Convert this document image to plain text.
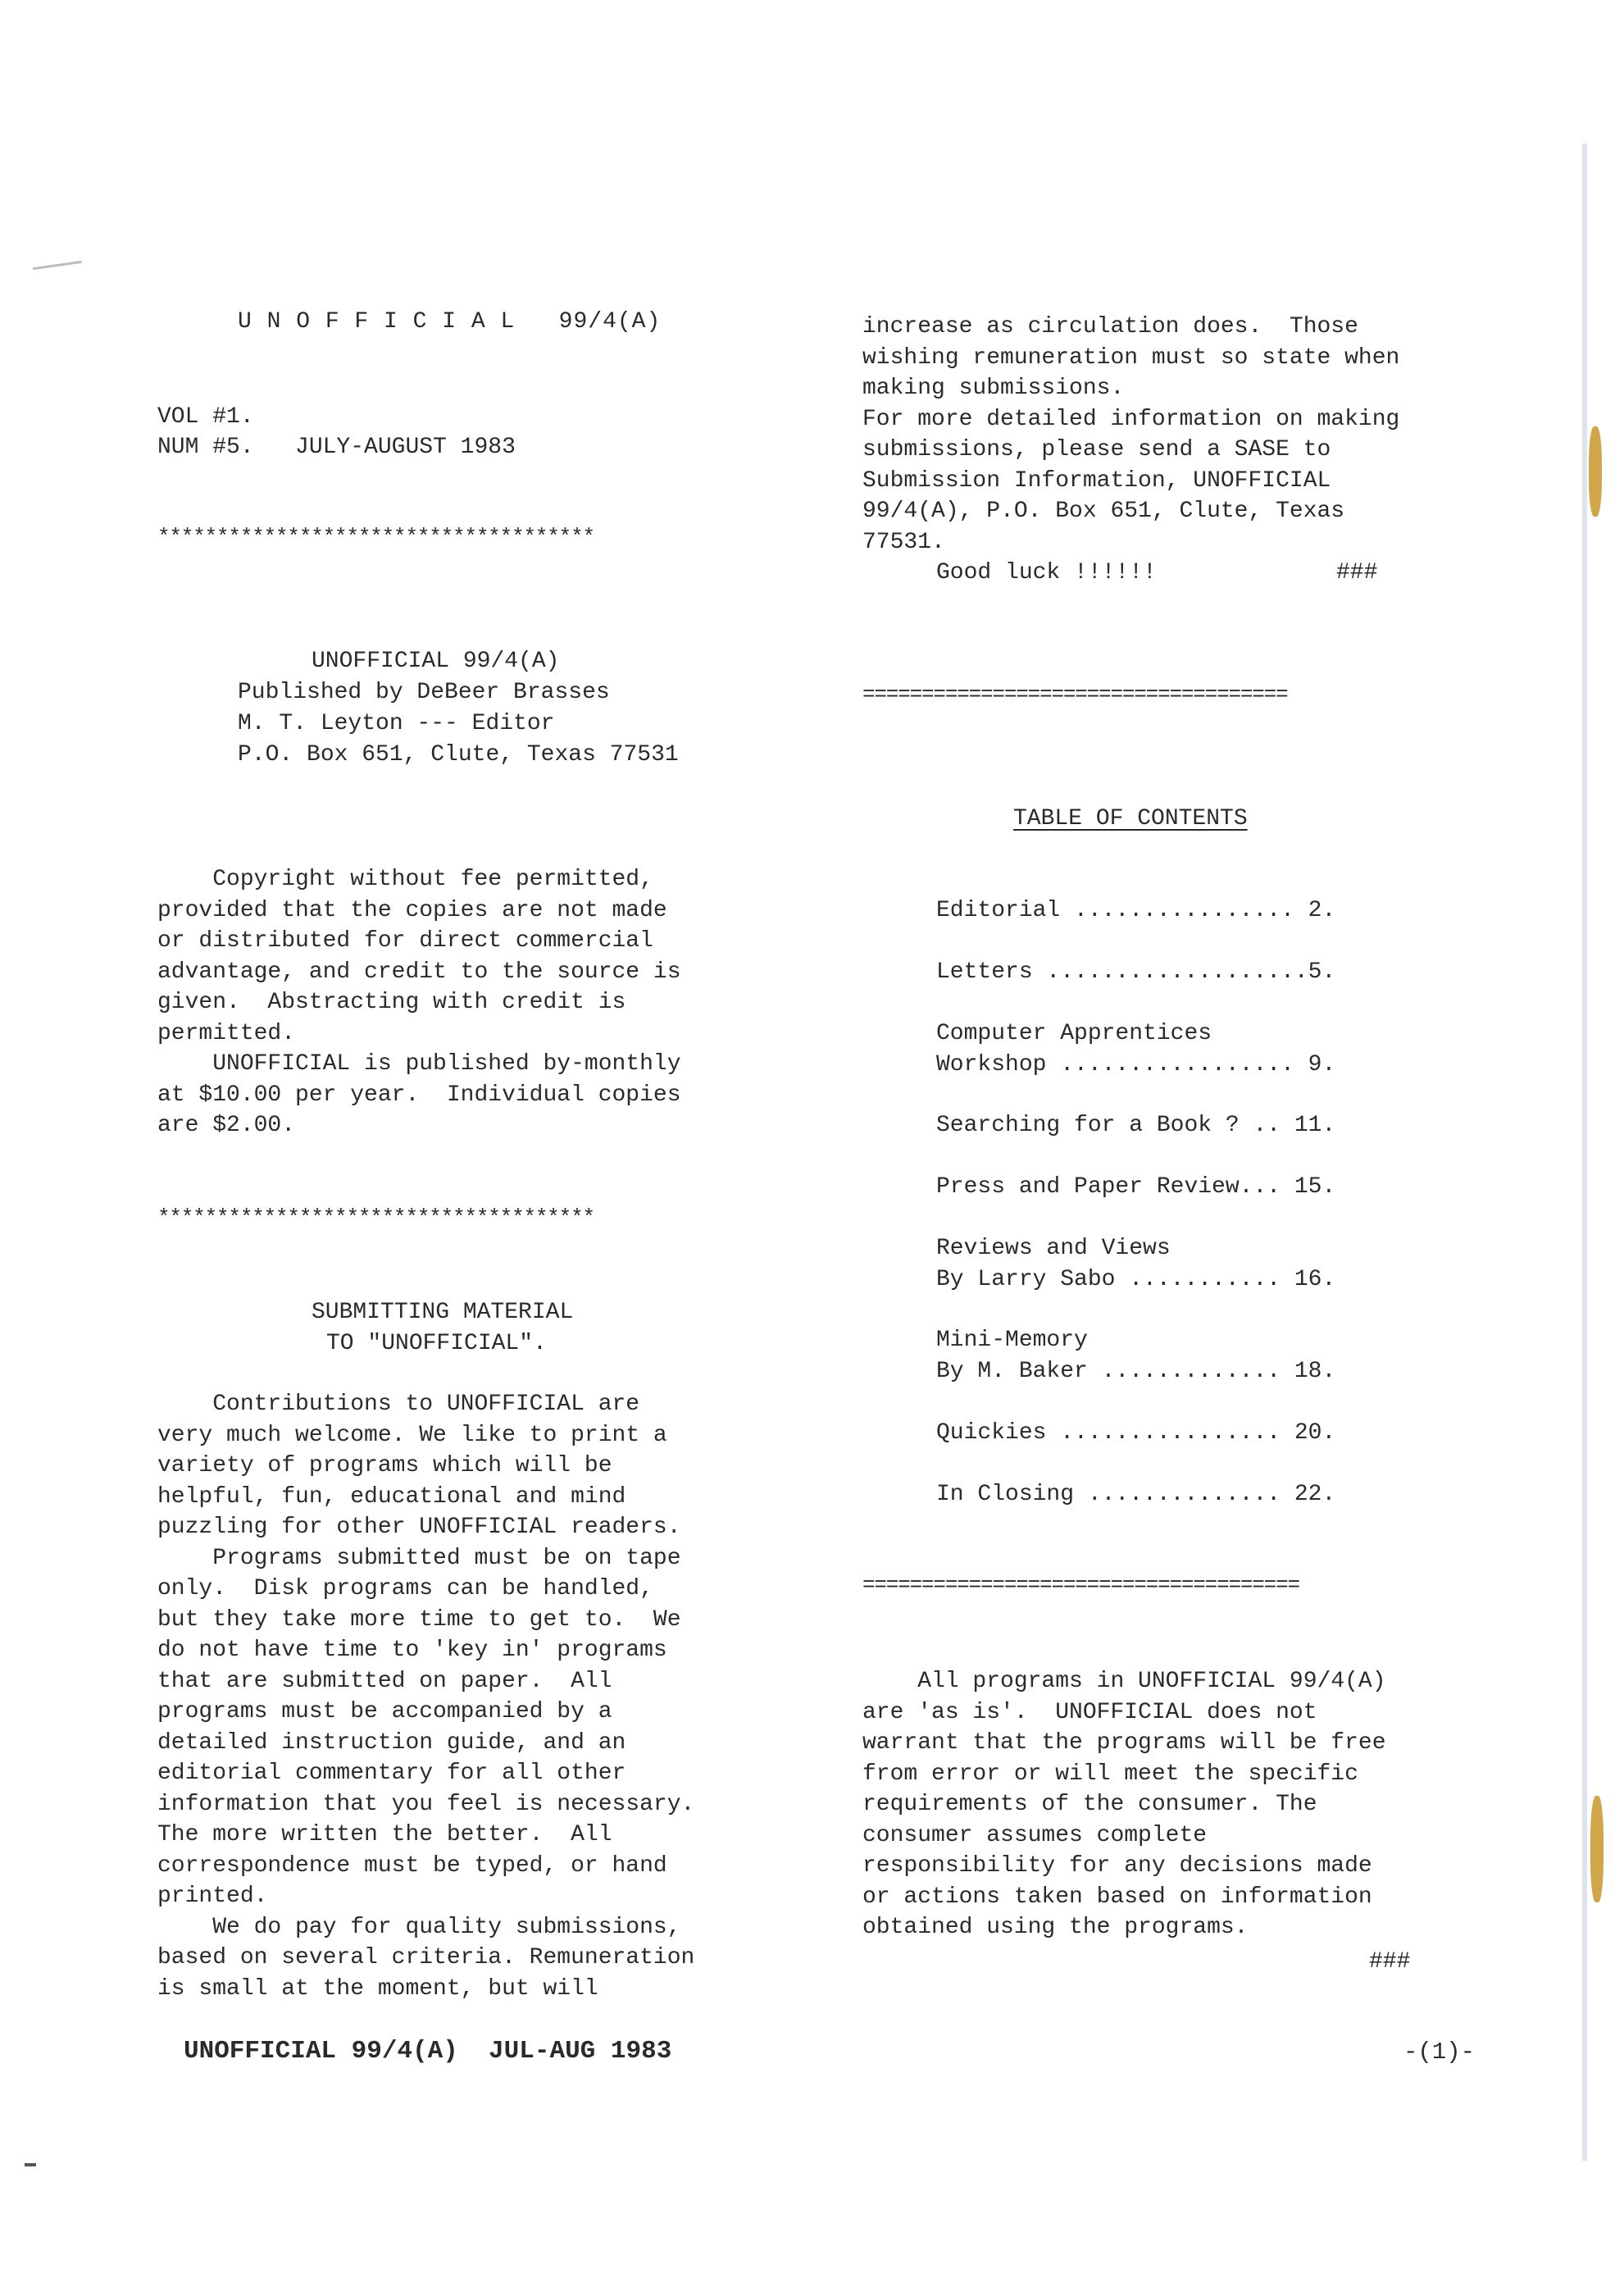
U N O F F I C I A L   99/4(A)
VOL #1.
NUM #5.   JULY-AUGUST 1983
*************************************
UNOFFICIAL 99/4(A)
Published by DeBeer Brasses
M. T. Leyton --- Editor
P.O. Box 651, Clute, Texas 77531
Copyright without fee permitted,
provided that the copies are not made
or distributed for direct commercial
advantage, and credit to the source is
given.  Abstracting with credit is
permitted.
UNOFFICIAL is published by-monthly
at $10.00 per year.  Individual copies
are $2.00.
*************************************
SUBMITTING MATERIAL
TO "UNOFFICIAL".
Contributions to UNOFFICIAL are
very much welcome. We like to print a
variety of programs which will be
helpful, fun, educational and mind
puzzling for other UNOFFICIAL readers.
Programs submitted must be on tape
only.  Disk programs can be handled,
but they take more time to get to.  We
do not have time to 'key in' programs
that are submitted on paper.  All
programs must be accompanied by a
detailed instruction guide, and an
editorial commentary for all other
information that you feel is necessary.
The more written the better.  All
correspondence must be typed, or hand
printed.
We do pay for quality submissions,
based on several criteria. Remuneration
is small at the moment, but will
increase as circulation does.  Those
wishing remuneration must so state when
making submissions.
For more detailed information on making
submissions, please send a SASE to
Submission Information, UNOFFICIAL
99/4(A), P.O. Box 651, Clute, Texas
77531.
Good luck !!!!!!	###
====================================
TABLE OF CONTENTS
Editorial ................ 2.
Letters ...................5.
Computer Apprentices
Workshop ................. 9.
Searching for a Book ? .. 11.
Press and Paper Review... 15.
Reviews and Views
By Larry Sabo ........... 16.
Mini-Memory
By M. Baker ............. 18.
Quickies ................ 20.
In Closing .............. 22.
=====================================
All programs in UNOFFICIAL 99/4(A)
are 'as is'.  UNOFFICIAL does not
warrant that the programs will be free
from error or will meet the specific
requirements of the consumer. The
consumer assumes complete
responsibility for any decisions made
or actions taken based on information
obtained using the programs.
###
UNOFFICIAL 99/4(A)  JUL-AUG 1983	-(1)-
